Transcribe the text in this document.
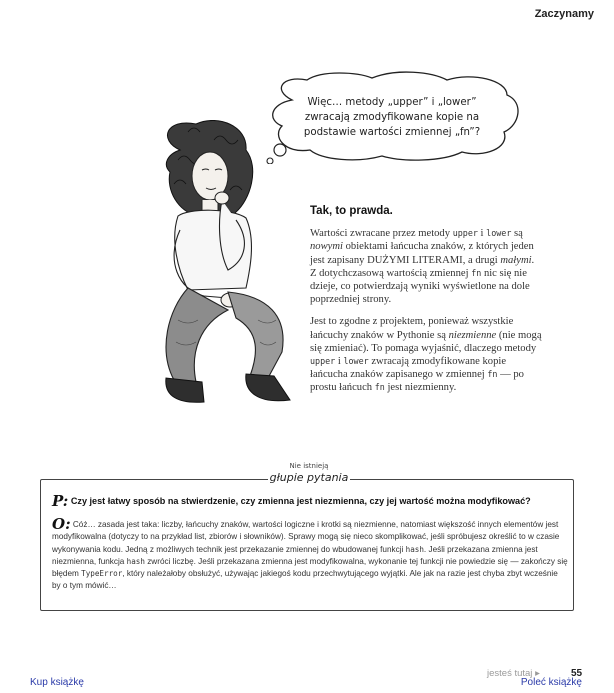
Zaczynamy
Więc… metody „upper” i „lower”
zwracają zmodyfikowane kopie na
podstawie wartości zmiennej „fn”?
Tak, to prawda.

Wartości zwracane przez metody upper i lower są nowymi obiektami łańcucha znaków, z których jeden jest zapisany DUŻYMI LITERAMI, a drugi małymi. Z dotychczasową wartością zmiennej fn nic się nie dzieje, co potwierdzają wyniki wyświetlone na dole poprzedniej strony.

Jest to zgodne z projektem, ponieważ wszystkie łańcuchy znaków w Pythonie są niezmienne (nie mogą się zmieniać). To pomaga wyjaśnić, dlaczego metody upper i lower zwracają zmodyfikowane kopie łańcucha znaków zapisanego w zmiennej fn — po prostu łańcuch fn jest niezmienny.

Nie istnieją
głupie pytania
P: Czy jest łatwy sposób na stwierdzenie, czy zmienna jest niezmienna, czy jej wartość można modyfikować?
O: Cóż… zasada jest taka: liczby, łańcuchy znaków, wartości logiczne i krotki są niezmienne, natomiast większość innych elementów jest modyfikowalna (dotyczy to na przykład list, zbiorów i słowników). Sprawy mogą się nieco skomplikować, jeśli spróbujesz określić to w czasie wykonywania kodu. Jedną z możliwych technik jest przekazanie zmiennej do wbudowanej funkcji hash. Jeśli przekazana zmienna jest niezmienna, funkcja hash zwróci liczbę. Jeśli przekazana zmienna jest modyfikowalna, wykonanie tej funkcji nie powiedzie się — zakończy się błędem TypeError, który należałoby obsłużyć, używając jakiegoś kodu przechwytującego wyjątki. Ale jak na razie jest chyba zbyt wcześnie by o tym mówić…
jesteś tutaj ▸	55
Kup książkę	Poleć książkę
